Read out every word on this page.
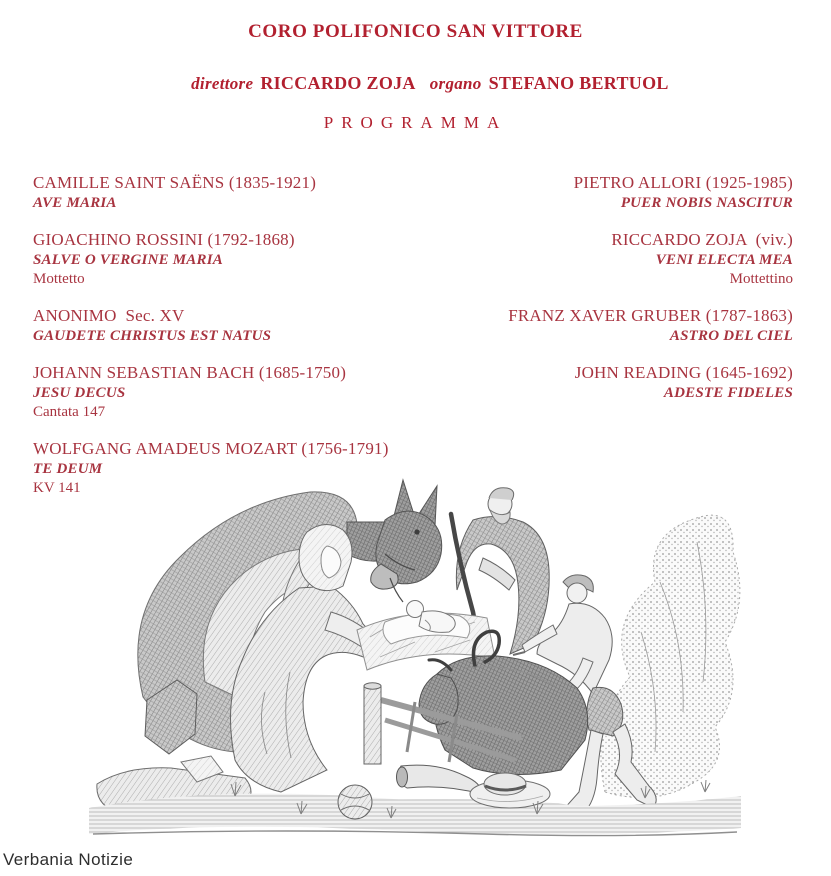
CORO POLIFONICO SAN VITTORE

direttore RICCARDO ZOJA organo STEFANO BERTUOL

PROGRAMMA
CAMILLE SAINT SAËNS (1835-1921)
AVE MARIA
GIOACHINO ROSSINI (1792-1868)
SALVE O VERGINE MARIA
Mottetto
ANONIMO  Sec. XV
GAUDETE CHRISTUS EST NATUS
JOHANN SEBASTIAN BACH (1685-1750)
JESU DECUS
Cantata 147
WOLFGANG AMADEUS MOZART (1756-1791)
TE DEUM
KV 141
PIETRO ALLORI (1925-1985)
PUER NOBIS NASCITUR
RICCARDO ZOJA  (viv.)
VENI ELECTA MEA
Mottettino
FRANZ XAVER GRUBER (1787-1863)
ASTRO DEL CIEL
JOHN READING (1645-1692)
ADESTE FIDELES
Verbania Notizie
